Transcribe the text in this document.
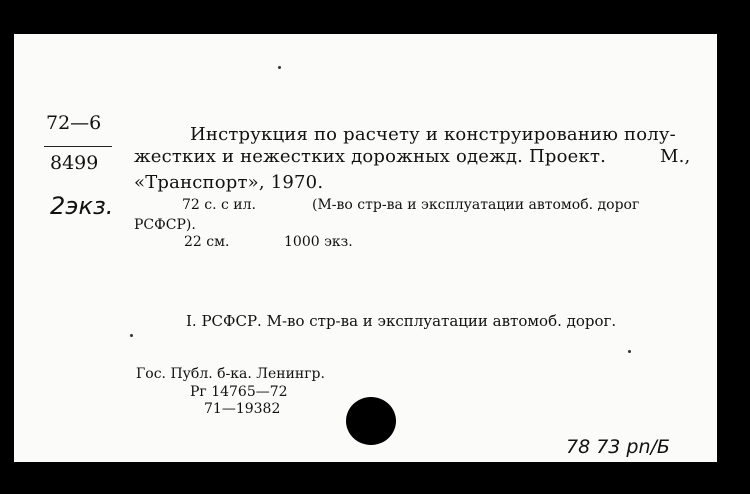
72—6
8499
2экз.
Инструкция по расчету и конструированию полу-
жестких и нежестких дорожных одежд. Проект.	М.,
«Транспорт», 1970.
72 с. с ил.	(М-во стр-ва и эксплуатации автомоб. дорог
РСФСР).
22 см.	1000 экз.
I. РСФСР. М-во стр-ва и эксплуатации автомоб. дорог.
Гос. Публ. б-ка. Ленингр.
Рг 14765—72
71—19382
78 73 pn/Б
